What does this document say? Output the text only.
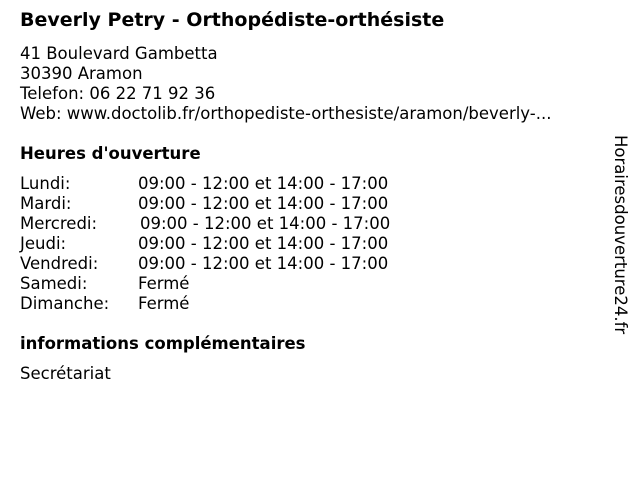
Beverly Petry - Orthopédiste-orthésiste
41 Boulevard Gambetta
30390 Aramon
Telefon: 06 22 71 92 36
Web: www.doctolib.fr/orthopediste-orthesiste/aramon/beverly-...
Heures d'ouverture
Lundi:	09:00 - 12:00 et 14:00 - 17:00
Mardi:	09:00 - 12:00 et 14:00 - 17:00
Mercredi:	09:00 - 12:00 et 14:00 - 17:00
Jeudi:	09:00 - 12:00 et 14:00 - 17:00
Vendredi: 09:00 - 12:00 et 14:00 - 17:00
Samedi:	Fermé
Dimanche: Fermé
informations complémentaires
Secrétariat
Horairesdouverture24.fr
